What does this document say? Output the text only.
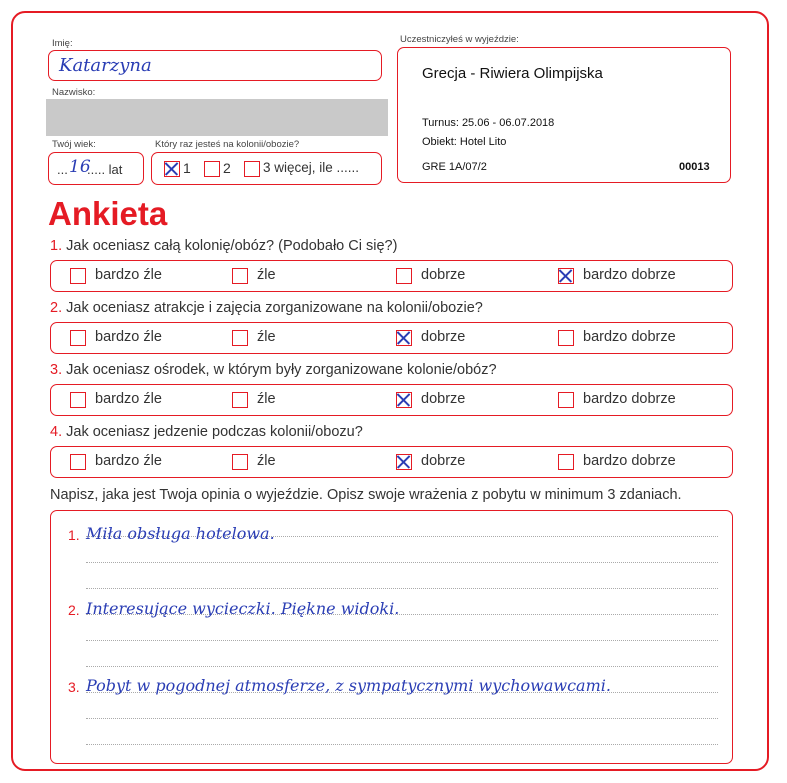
Imię:
Katarzyna
Nazwisko:
Twój wiek:
... 16
..... lat
Który raz jesteś na kolonii/obozie?
1 2 3 więcej, ile ......
Uczestniczyłeś w wyjeździe:
Grecja - Riwiera Olimpijska
Turnus: 25.06 - 06.07.2018
Obiekt: Hotel Lito
GRE 1A/07/2	00013
Ankieta
1. Jak oceniasz całą kolonię/obóz? (Podobało Ci się?)
bardzo źle	źle	dobrze	bardzo dobrze
2. Jak oceniasz atrakcje i zajęcia zorganizowane na kolonii/obozie?
bardzo źle	źle	dobrze	bardzo dobrze
3. Jak oceniasz ośrodek, w którym były zorganizowane kolonie/obóz?
bardzo źle	źle	dobrze	bardzo dobrze
4. Jak oceniasz jedzenie podczas kolonii/obozu?
bardzo źle	źle	dobrze	bardzo dobrze
Napisz, jaka jest Twoja opinia o wyjeździe. Opisz swoje wrażenia z pobytu w minimum 3 zdaniach.
1. Miła obsługa hotelowa.
2. Interesujące wycieczki. Piękne widoki.
3. Pobyt w pogodnej atmosferze, z sympatycznymi wychowawcami.
